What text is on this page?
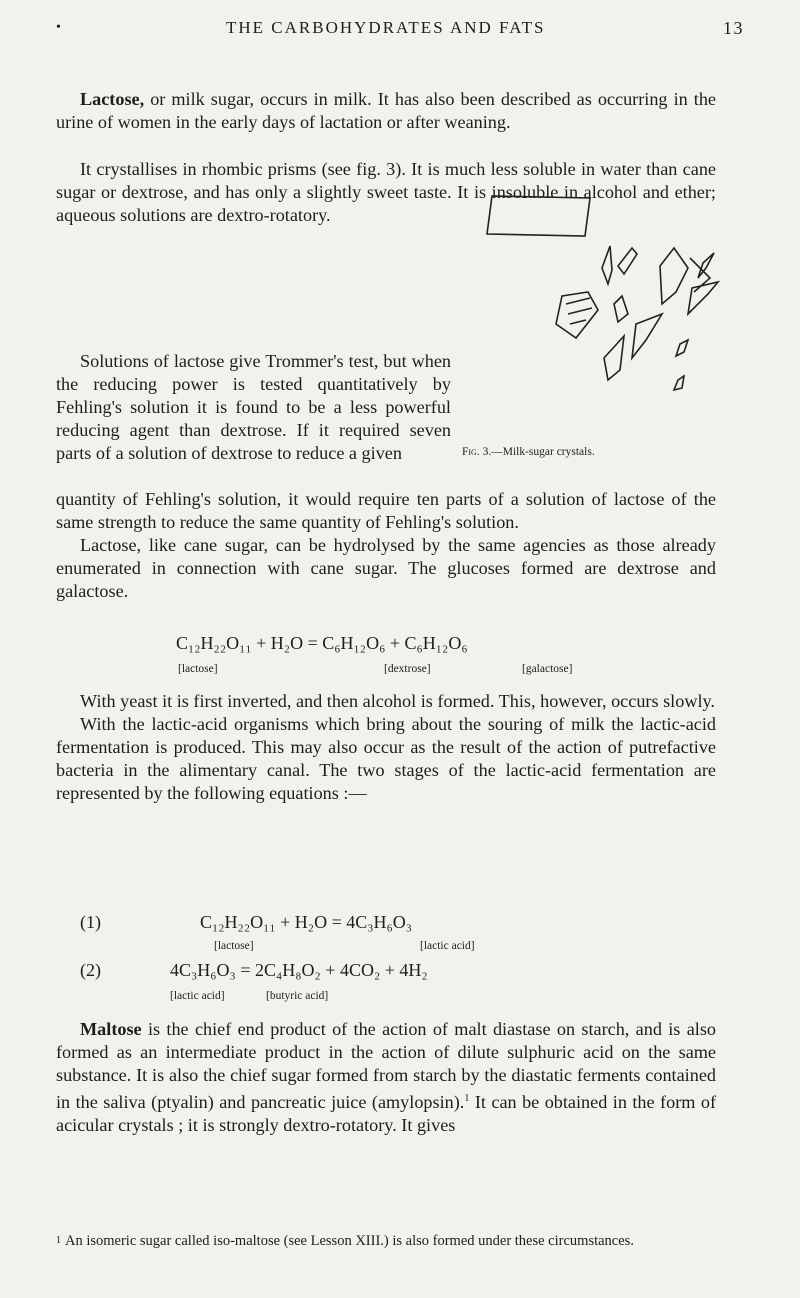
•	THE CARBOHYDRATES AND FATS	13

Lactose, or milk sugar, occurs in milk. It has also been described as occurring in the urine of women in the early days of lactation or after weaning.

It crystallises in rhombic prisms (see fig. 3). It is much less soluble in water than cane sugar or dextrose, and has only a slightly sweet taste. It is insoluble in alcohol and ether; aqueous solutions are dextro-rotatory.

Fig. 3.—Milk-sugar crystals.

Solutions of lactose give Trommer's test, but when the reducing power is tested quantitatively by Fehling's solution it is found to be a less powerful reducing agent than dextrose. If it required seven parts of a solution of dextrose to reduce a given

quantity of Fehling's solution, it would require ten parts of a solution of lactose of the same strength to reduce the same quantity of Fehling's solution.

Lactose, like cane sugar, can be hydrolysed by the same agencies as those already enumerated in connection with cane sugar. The glucoses formed are dextrose and galactose.

C₁₂H₂₂O₁₁ + H₂O = C₆H₁₂O₆ + C₆H₁₂O₆
[lactose]	[dextrose]	[galactose]

With yeast it is first inverted, and then alcohol is formed. This, however, occurs slowly.

With the lactic-acid organisms which bring about the souring of milk the lactic-acid fermentation is produced. This may also occur as the result of the action of putrefactive bacteria in the alimentary canal. The two stages of the lactic-acid fermentation are represented by the following equations :—

(1)	C₁₂H₂₂O₁₁ + H₂O = 4C₃H₆O₃
[lactose]	[lactic acid]
(2)	4C₃H₆O₃ = 2C₄H₈O₂ + 4CO₂ + 4H₂
[lactic acid]	[butyric acid]

Maltose is the chief end product of the action of malt diastase on starch, and is also formed as an intermediate product in the action of dilute sulphuric acid on the same substance. It is also the chief sugar formed from starch by the diastatic ferments contained in the saliva (ptyalin) and pancreatic juice (amylopsin).$^1$ It can be obtained in the form of acicular crystals ; it is strongly dextro-rotatory. It gives

$^1$ An isomeric sugar called iso-maltose (see Lesson XIII.) is also formed under these circumstances.
